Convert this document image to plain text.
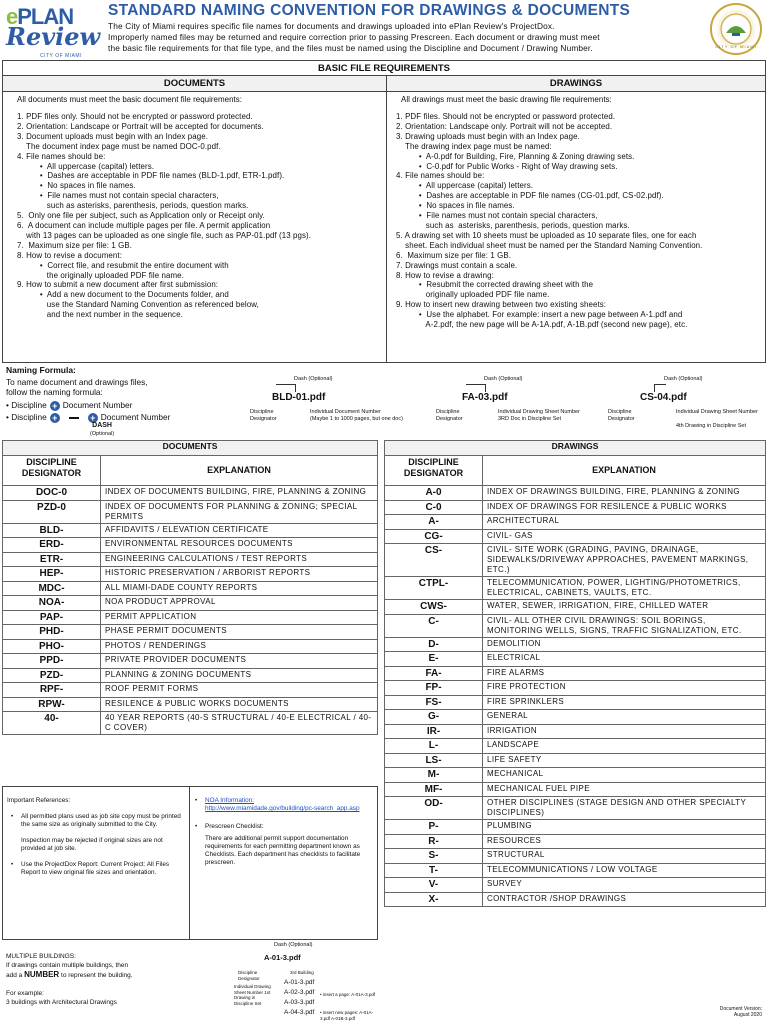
ePLAN
Review
CITY OF MIAMI
STANDARD NAMING CONVENTION FOR DRAWINGS & DOCUMENTS
The City of Miami requires specific file names for documents and drawings uploaded into ePlan Review's ProjectDox.
Improperly named files may be returned and require correction prior to passing Prescreen. Each document or drawing must meet
the basic file requirements for that file type, and the files must be named using the Discipline and Document / Drawing Number.	CITY OF MIAMI
BASIC FILE REQUIREMENTS
DOCUMENTS	DRAWINGS
All documents must meet the basic document file requirements:	All drawings must meet the basic drawing file requirements:
1. PDF files only. Should not be encrypted or password protected.
2. Orientation: Landscape or Portrait will be accepted for documents.
3. Document uploads must begin with an Index page.
The document index page must be named DOC-0.pdf.
4. File names should be:
•  All uppercase (capital) letters.
•  Dashes are acceptable in PDF file names (BLD-1.pdf, ETR-1.pdf).
•  No spaces in file names.
•  File names must not contain special characters,
such as asterisks, parenthesis, periods, question marks.
5.  Only one file per subject, such as Application only or Receipt only.
6.  A document can include multiple pages per file. A permit application
with 13 pages can be uploaded as one single file, such as PAP-01.pdf (13 pgs).
7.  Maximum size per file: 1 GB.
8. How to revise a document:
•  Correct file, and resubmit the entire document with
the originally uploaded PDF file name.
9. How to submit a new document after first submission:
•  Add a new document to the Documents folder, and
use the Standard Naming Convention as referenced below,
and the next number in the sequence.
1. PDF files. Should not be encrypted or password protected.
2. Orientation: Landscape only. Portrait will not be accepted.
3. Drawing uploads must begin with an Index page.
The drawing index page must be named:
•  A-0.pdf for Building, Fire, Planning & Zoning drawing sets.
•  C-0.pdf for Public Works - Right of Way drawing sets.
4. File names should be:
•  All uppercase (capital) letters.
•  Dashes are acceptable in PDF file names (CG-01.pdf, CS-02.pdf).
•  No spaces in file names.
•  File names must not contain special characters,
such as  asterisks, parenthesis, periods, question marks.
5. A drawing set with 10 sheets must be uploaded as 10 separate files, one for each
sheet. Each individual sheet must be named per the Standard Naming Convention.
6.  Maximum size per file: 1 GB.
7. Drawings must contain a scale.
8. How to revise a drawing:
•  Resubmit the corrected drawing sheet with the
originally uploaded PDF file name.
9. How to insert new drawing between two existing sheets:
•  Use the alphabet. For example: insert a new page between A-1.pdf and
A-2.pdf, the new page will be A-1A.pdf, A-1B.pdf (second new page), etc.
Naming Formula:
To name document and drawings files,
follow the naming formula:
• Discipline + Document Number
• Discipline +	+ Document Number
DASH
(Optional)
Dash (Optional)
BLD-01.pdf
Discipline Designator
Individual Document Number
(Maybe 1 to 1000 pages, but one doc)
Dash (Optional)
FA-03.pdf
Discipline Designator
Individual Drawing Sheet Number
3RD Doc in Discipline Set
Dash (Optional)
CS-04.pdf
Discipline Designator
Individual Drawing Sheet Number
4th Drawing in Discipline Set
DOCUMENTS	
DISCIPLINE DESIGNATOR	EXPLANATION
DOC-0	INDEX OF DOCUMENTS BUILDING, FIRE, PLANNING & ZONING
PZD-0	INDEX OF DOCUMENTS FOR PLANNING & ZONING; SPECIAL PERMITS
BLD-	AFFIDAVITS / ELEVATION CERTIFICATE
ERD-	ENVIRONMENTAL RESOURCES DOCUMENTS
ETR-	ENGINEERING CALCULATIONS / TEST REPORTS
HEP-	HISTORIC PRESERVATION / ARBORIST REPORTS
MDC-	ALL MIAMI-DADE COUNTY REPORTS
NOA-	NOA PRODUCT APPROVAL
PAP-	PERMIT APPLICATION
PHD-	PHASE PERMIT DOCUMENTS
PHO-	PHOTOS / RENDERINGS
PPD-	PRIVATE PROVIDER DOCUMENTS
PZD-	PLANNING & ZONING DOCUMENTS
RPF-	ROOF PERMIT FORMS
RPW-	RESILENCE & PUBLIC WORKS DOCUMENTS
40-	40 YEAR REPORTS (40-S STRUCTURAL / 40-E ELECTRICAL / 40-C COVER)
DRAWINGS	
DISCIPLINE DESIGNATOR	EXPLANATION
A-0	INDEX OF DRAWINGS BUILDING, FIRE, PLANNING & ZONING
C-0	INDEX OF DRAWINGS FOR RESILENCE & PUBLIC WORKS
A-	ARCHITECTURAL
CG-	CIVIL- GAS
CS-	CIVIL- SITE WORK (GRADING, PAVING, DRAINAGE, SIDEWALKS/DRIVEWAY APPROACHES, PAVEMENT MARKINGS, ETC.)
CTPL-	TELECOMMUNICATION, POWER, LIGHTING/PHOTOMETRICS, ELECTRICAL, CABINETS, VAULTS, ETC.
CWS-	WATER, SEWER, IRRIGATION, FIRE, CHILLED WATER
C-	CIVIL- ALL OTHER CIVIL DRAWINGS: SOIL BORINGS, MONITORING WELLS, SIGNS, TRAFFIC SIGNALIZATION, ETC.
D-	DEMOLITION
E-	ELECTRICAL
FA-	FIRE ALARMS
FP-	FIRE PROTECTION
FS-	FIRE SPRINKLERS
G-	GENERAL
IR-	IRRIGATION
L-	LANDSCAPE
LS-	LIFE SAFETY
M-	MECHANICAL
MF-	MECHANICAL FUEL PIPE
OD-	OTHER DISCIPLINES (STAGE DESIGN AND OTHER SPECIALTY DISCIPLINES)
P-	PLUMBING
R-	RESOURCES
S-	STRUCTURAL
T-	TELECOMMUNICATIONS / LOW VOLTAGE
V-	SURVEY
X-	CONTRACTOR /SHOP DRAWINGS
Important References:
• All permitted plans used as job site copy must be printed the same size as originally submitted to the City.
Inspection may be rejected if original sizes are not provided at job site.
• Use the ProjectDox Report: Current Project: All Files Report to view original file sizes and orientation.
• NOA Information:
http://www.miamidade.gov/building/pc-search_app.asp
• Prescreen Checklist:
There are additional permit support documentation requirements for each permitting department known as Checklists. Each department has checklists to facilitate prescreen.
MULTIPLE BUILDINGS:
If drawings contain multiple buildings, then
add a NUMBER to represent the building.
For example:
3 buildings with Architectural Drawings
Dash (Optional)
A-01-3.pdf
Discipline Designator
3rd Building
Individual Drawing Sheet Number 1st Drawing in Discipline Set
A-01-3.pdf
A-02-3.pdf
A-03-3.pdf
A-04-3.pdf
• insert a page: A-01A-3.pdf
• insert new pages: A-01A-3.pdf A-01B-3.pdf
Document Version:
August 2020
